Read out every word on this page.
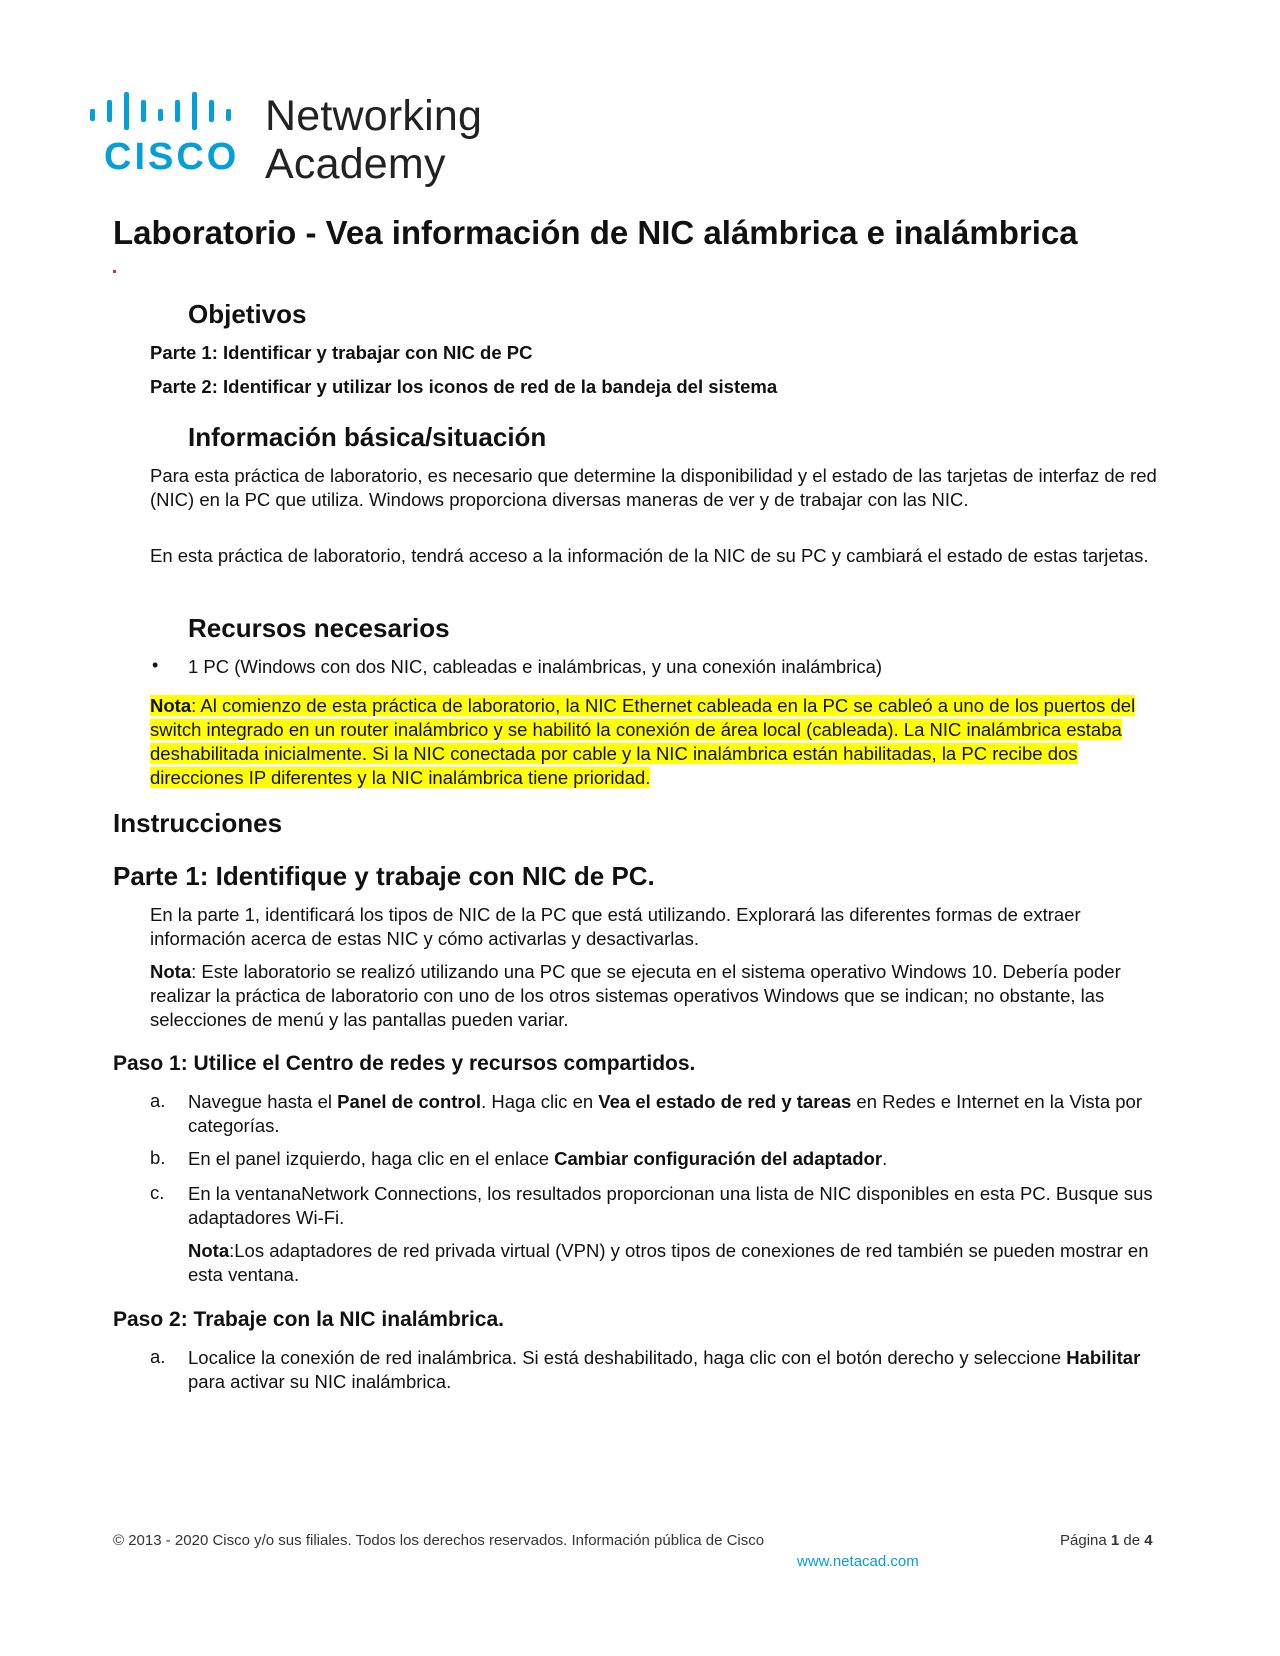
CISCO
Networking
Academy
Laboratorio - Vea información de NIC alámbrica e inalámbrica
Objetivos
Parte 1: Identificar y trabajar con NIC de PC
Parte 2: Identificar y utilizar los iconos de red de la bandeja del sistema
Información básica/situación
Para esta práctica de laboratorio, es necesario que determine la disponibilidad y el estado de las tarjetas de interfaz de red (NIC) en la PC que utiliza. Windows proporciona diversas maneras de ver y de trabajar con las NIC.
En esta práctica de laboratorio, tendrá acceso a la información de la NIC de su PC y cambiará el estado de estas tarjetas.
Recursos necesarios
• 1 PC (Windows con dos NIC, cableadas e inalámbricas, y una conexión inalámbrica)
Nota: Al comienzo de esta práctica de laboratorio, la NIC Ethernet cableada en la PC se cableó a uno de los puertos del switch integrado en un router inalámbrico y se habilitó la conexión de área local (cableada). La NIC inalámbrica estaba deshabilitada inicialmente. Si la NIC conectada por cable y la NIC inalámbrica están habilitadas, la PC recibe dos direcciones IP diferentes y la NIC inalámbrica tiene prioridad.
Instrucciones
Parte 1: Identifique y trabaje con NIC de PC.
En la parte 1, identificará los tipos de NIC de la PC que está utilizando. Explorará las diferentes formas de extraer información acerca de estas NIC y cómo activarlas y desactivarlas.
Nota: Este laboratorio se realizó utilizando una PC que se ejecuta en el sistema operativo Windows 10. Debería poder realizar la práctica de laboratorio con uno de los otros sistemas operativos Windows que se indican; no obstante, las selecciones de menú y las pantallas pueden variar.
Paso 1: Utilice el Centro de redes y recursos compartidos.
a. Navegue hasta el Panel de control. Haga clic en Vea el estado de red y tareas en Redes e Internet en la Vista por categorías.
b. En el panel izquierdo, haga clic en el enlace Cambiar configuración del adaptador.
c. En la ventanaNetwork Connections, los resultados proporcionan una lista de NIC disponibles en esta PC. Busque sus adaptadores Wi-Fi.
Nota:Los adaptadores de red privada virtual (VPN) y otros tipos de conexiones de red también se pueden mostrar en esta ventana.
Paso 2: Trabaje con la NIC inalámbrica.
a. Localice la conexión de red inalámbrica. Si está deshabilitado, haga clic con el botón derecho y seleccione Habilitar para activar su NIC inalámbrica.
© 2013 - 2020 Cisco y/o sus filiales. Todos los derechos reservados. Información pública de Cisco	Página 1 de 4
www.netacad.com
